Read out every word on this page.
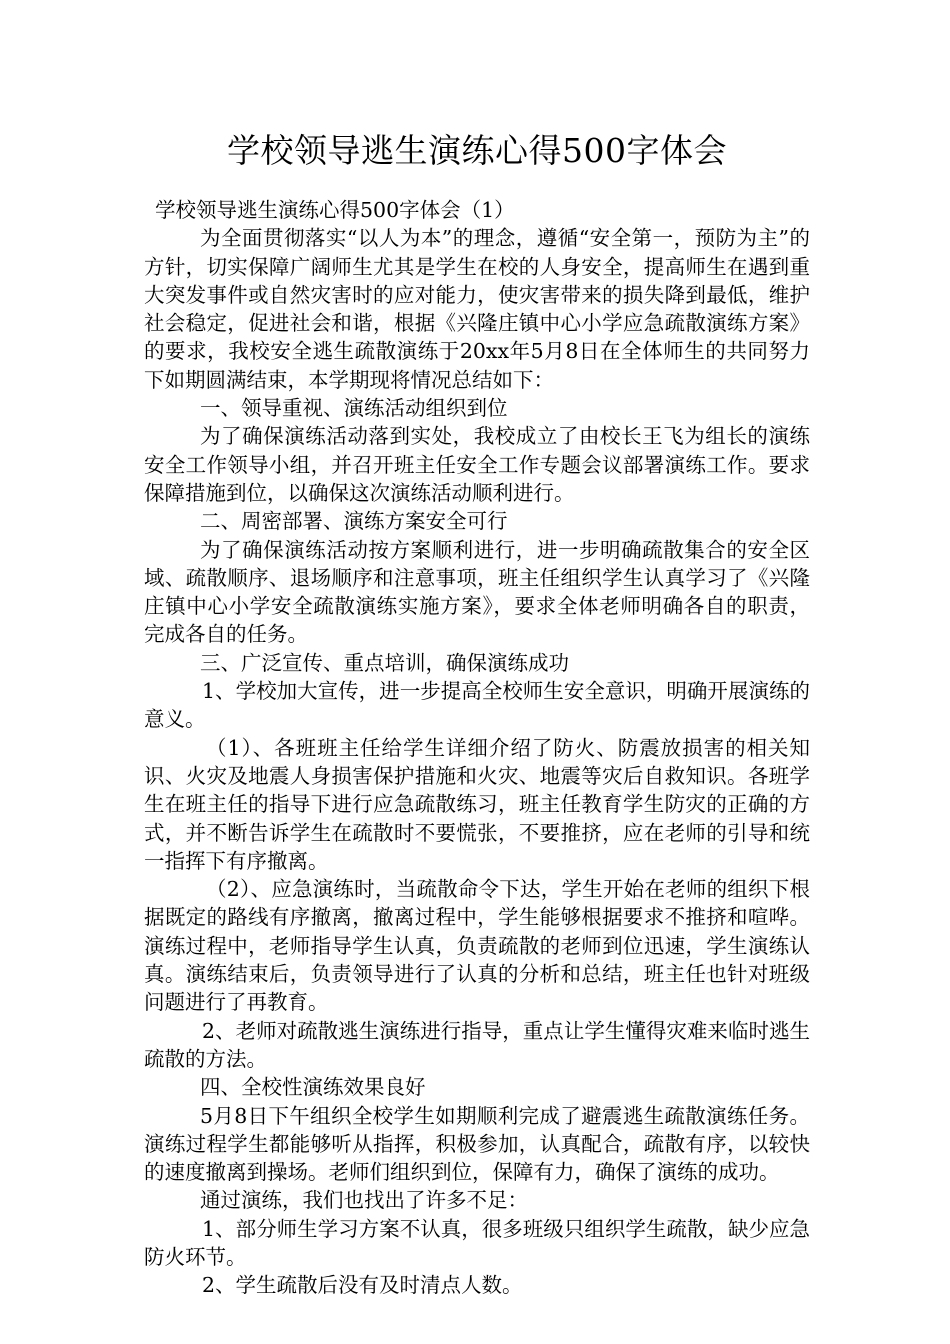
学校领导逃生演练心得500字体会

学校领导逃生演练心得500字体会（1）

为全面贯彻落实“以人为本”的理念，遵循“安全第一，预防为主”的方针，切实保障广阔师生尤其是学生在校的人身安全，提高师生在遇到重大突发事件或自然灾害时的应对能力，使灾害带来的损失降到最低，维护社会稳定，促进社会和谐，根据《兴隆庄镇中心小学应急疏散演练方案》的要求，我校安全逃生疏散演练于20xx年5月8日在全体师生的共同努力下如期圆满结束，本学期现将情况总结如下：

一、领导重视、演练活动组织到位

为了确保演练活动落到实处，我校成立了由校长王飞为组长的演练安全工作领导小组，并召开班主任安全工作专题会议部署演练工作。要求保障措施到位，以确保这次演练活动顺利进行。

二、周密部署、演练方案安全可行

为了确保演练活动按方案顺利进行，进一步明确疏散集合的安全区域、疏散顺序、退场顺序和注意事项，班主任组织学生认真学习了《兴隆庄镇中心小学安全疏散演练实施方案》，要求全体老师明确各自的职责，完成各自的任务。

三、广泛宣传、重点培训，确保演练成功

1、学校加大宣传，进一步提高全校师生安全意识，明确开展演练的意义。

（1）、各班班主任给学生详细介绍了防火、防震放损害的相关知识、火灾及地震人身损害保护措施和火灾、地震等灾后自救知识。各班学生在班主任的指导下进行应急疏散练习，班主任教育学生防灾的正确的方式，并不断告诉学生在疏散时不要慌张，不要推挤，应在老师的引导和统一指挥下有序撤离。

（2）、应急演练时，当疏散命令下达，学生开始在老师的组织下根据既定的路线有序撤离，撤离过程中，学生能够根据要求不推挤和喧哗。演练过程中，老师指导学生认真，负责疏散的老师到位迅速，学生演练认真。演练结束后，负责领导进行了认真的分析和总结，班主任也针对班级问题进行了再教育。

2、老师对疏散逃生演练进行指导，重点让学生懂得灾难来临时逃生疏散的方法。

四、全校性演练效果良好

5月8日下午组织全校学生如期顺利完成了避震逃生疏散演练任务。演练过程学生都能够听从指挥，积极参加，认真配合，疏散有序，以较快的速度撤离到操场。老师们组织到位，保障有力，确保了演练的成功。

通过演练，我们也找出了许多不足：

1、部分师生学习方案不认真，很多班级只组织学生疏散，缺少应急防火环节。

2、学生疏散后没有及时清点人数。
